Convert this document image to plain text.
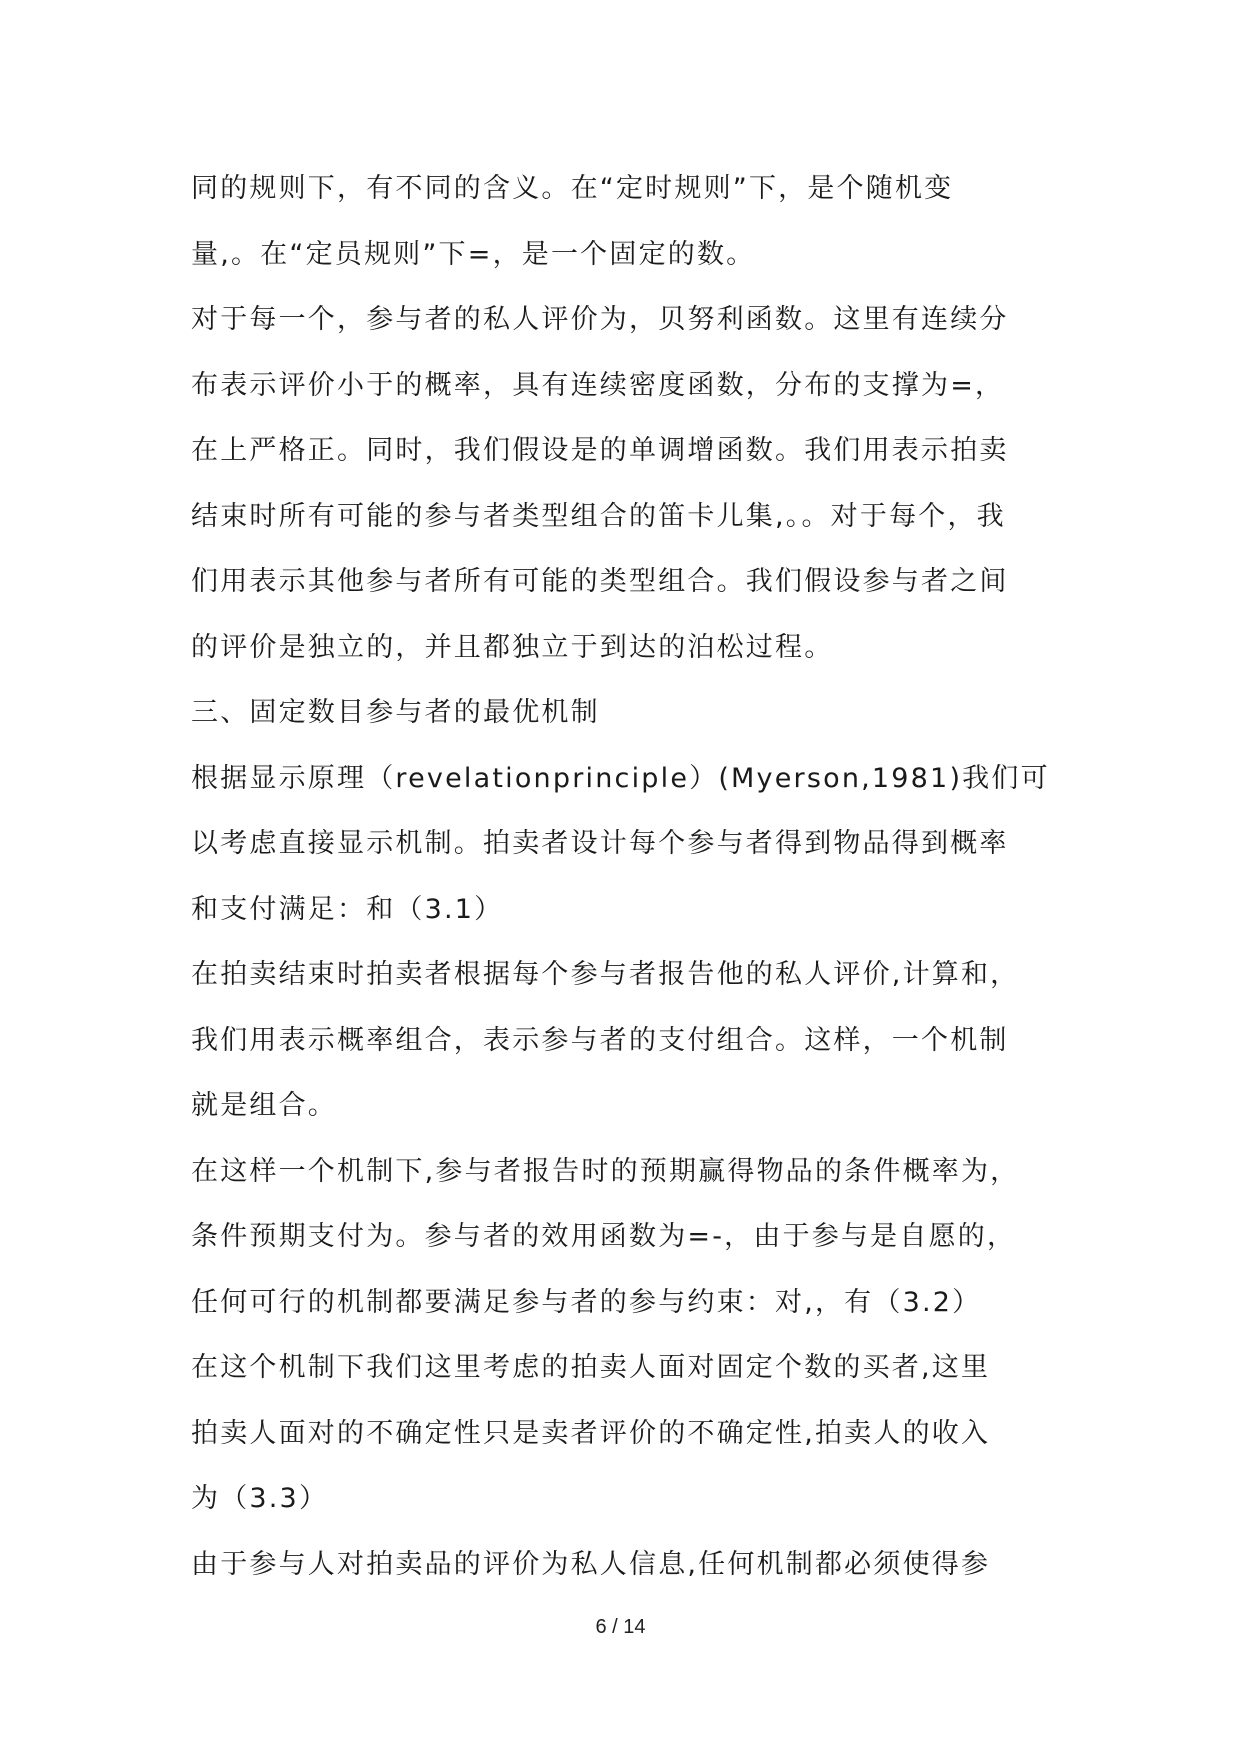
同的规则下，有不同的含义。在“定时规则”下，是个随机变
量,。在“定员规则”下=，是一个固定的数。
对于每一个，参与者的私人评价为，贝努利函数。这里有连续分
布表示评价小于的概率，具有连续密度函数，分布的支撑为=，
在上严格正。同时，我们假设是的单调增函数。我们用表示拍卖
结束时所有可能的参与者类型组合的笛卡儿集,。。对于每个，我
们用表示其他参与者所有可能的类型组合。我们假设参与者之间
的评价是独立的，并且都独立于到达的泊松过程。
三、固定数目参与者的最优机制
根据显示原理（revelationprinciple）(Myerson,1981)我们可
以考虑直接显示机制。拍卖者设计每个参与者得到物品得到概率
和支付满足：和（3.1）
在拍卖结束时拍卖者根据每个参与者报告他的私人评价,计算和，
我们用表示概率组合，表示参与者的支付组合。这样，一个机制
就是组合。
在这样一个机制下,参与者报告时的预期赢得物品的条件概率为，
条件预期支付为。参与者的效用函数为=-，由于参与是自愿的，
任何可行的机制都要满足参与者的参与约束：对,，有（3.2）
在这个机制下我们这里考虑的拍卖人面对固定个数的买者,这里
拍卖人面对的不确定性只是卖者评价的不确定性,拍卖人的收入
为（3.3）
由于参与人对拍卖品的评价为私人信息,任何机制都必须使得参
6 / 14
